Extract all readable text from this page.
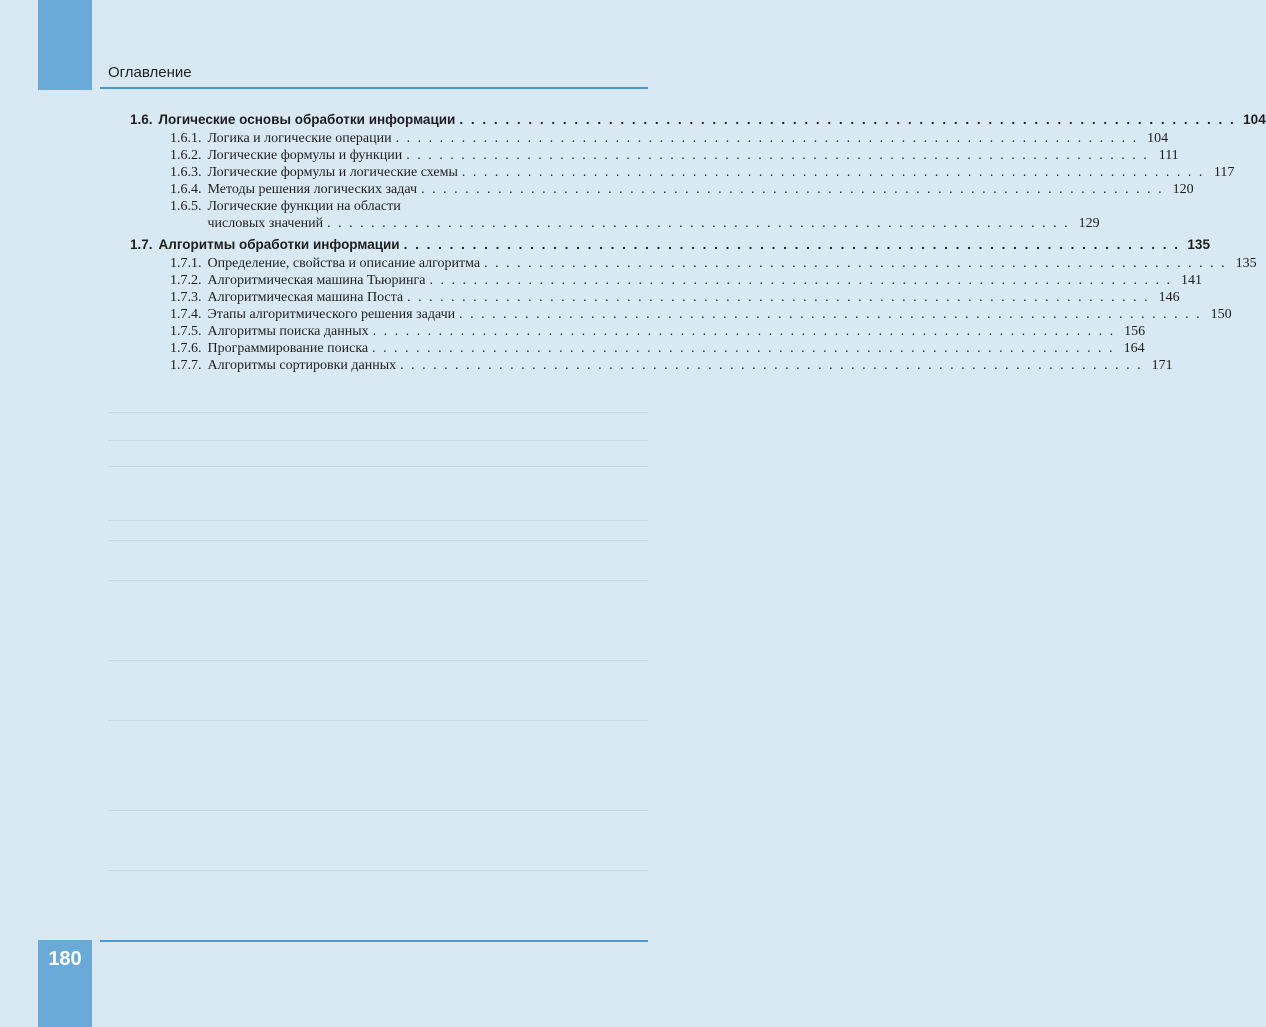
Оглавление
1.6. Логические основы обработки информации . . .	104
1.6.1. Логика и логические операции . . .	104
1.6.2. Логические формулы и функции . . .	111
1.6.3. Логические формулы и логические схемы . . .	117
1.6.4. Методы решения логических задач . . .	120
1.6.5. Логические функции на области
числовых значений . . .	129
1.7. Алгоритмы обработки информации . . .	135
1.7.1. Определение, свойства и описание алгоритма . . .	135
1.7.2. Алгоритмическая машина Тьюринга . . .	141
1.7.3. Алгоритмическая машина Поста . . .	146
1.7.4. Этапы алгоритмического решения задачи . . .	150
1.7.5. Алгоритмы поиска данных . . .	156
1.7.6. Программирование поиска . . .	164
1.7.7. Алгоритмы сортировки данных . . .	171
180
